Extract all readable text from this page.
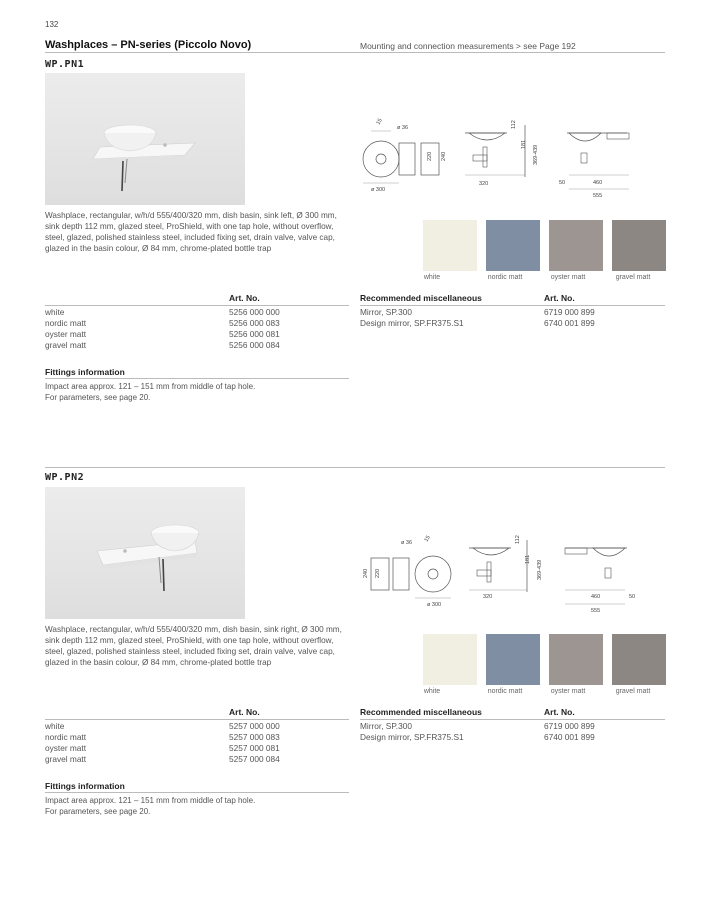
132
Washplaces – PN-series (Piccolo Novo)	Mounting and connection measurements > see Page 192
WP.PN1
ø 36
15
220 240
ø 300
112
181
369-439
320	50	460
555
Washplace, rectangular, w/h/d 555/400/320 mm, dish basin, sink left, Ø 300 mm, sink depth 112 mm, glazed steel, ProShield, with one tap hole, without overflow, steel, glazed, polished stainless steel, included fixing set, drain valve, valve cap, glazed in the basin colour, Ø 84 mm, chrome-plated bottle trap
white	nordic matt	oyster matt	gravel matt
Art. No.
white	5256 000 000
nordic matt	5256 000 083
oyster matt	5256 000 081
gravel matt	5256 000 084
Recommended miscellaneous	Art. No.
Mirror, SP.300	6719 000 899
Design mirror, SP.FR375.S1	6740 001 899
Fittings information
Impact area approx. 121 – 151 mm from middle of tap hole.
For parameters, see page 20.
WP.PN2
ø 36 15
240 220
ø 300
112
181
369-439
320	460	50
555
Washplace, rectangular, w/h/d 555/400/320 mm, dish basin, sink right, Ø 300 mm, sink depth 112 mm, glazed steel, ProShield, with one tap hole, without overflow, steel, glazed, polished stainless steel, included fixing set, drain valve, valve cap, glazed in the basin colour, Ø 84 mm, chrome-plated bottle trap
white	nordic matt	oyster matt	gravel matt
Art. No.
white	5257 000 000
nordic matt	5257 000 083
oyster matt	5257 000 081
gravel matt	5257 000 084
Recommended miscellaneous	Art. No.
Mirror, SP.300	6719 000 899
Design mirror, SP.FR375.S1	6740 001 899
Fittings information
Impact area approx. 121 – 151 mm from middle of tap hole.
For parameters, see page 20.
